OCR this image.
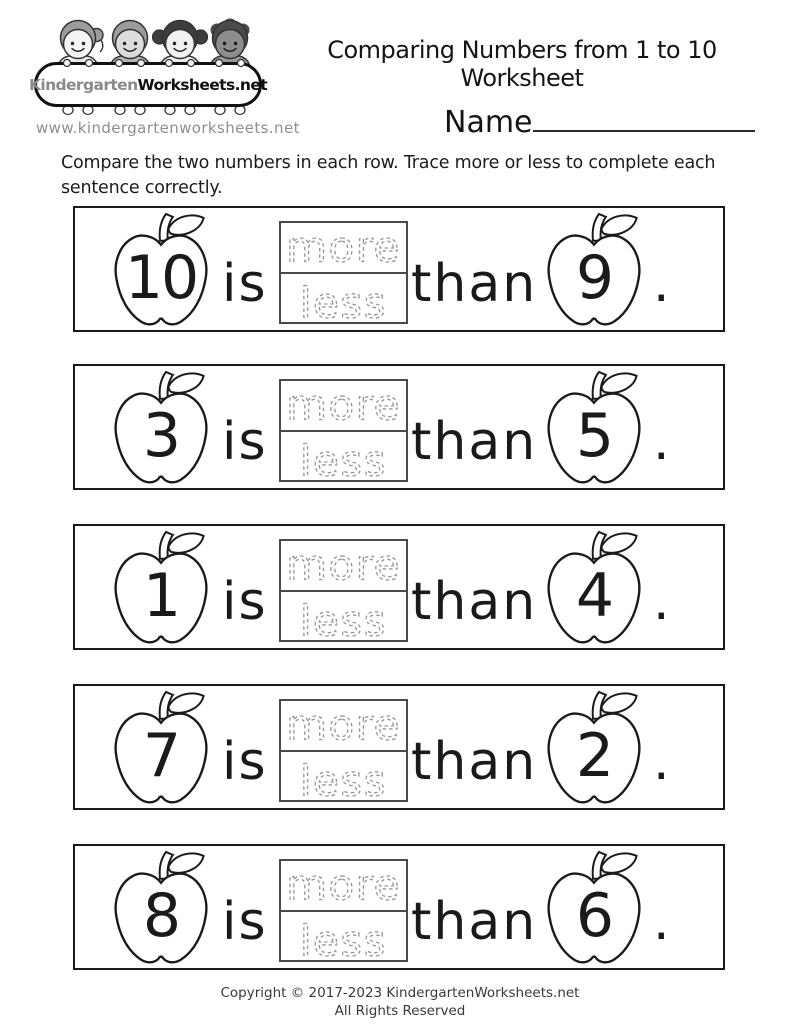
Kindergarten Worksheets.net
www.kindergartenworksheets.net
Comparing Numbers from 1 to 10 Worksheet
Name
Compare the two numbers in each row. Trace more or less to complete each
sentence correctly.
10 is
more
less than 9 .
3 is
more
less than 5 .
1 is
more
less than 4 .
7 is
more
less than 2 .
8 is
more
less than 6 .
Copyright © 2017-2023 KindergartenWorksheets.net
All Rights Reserved
